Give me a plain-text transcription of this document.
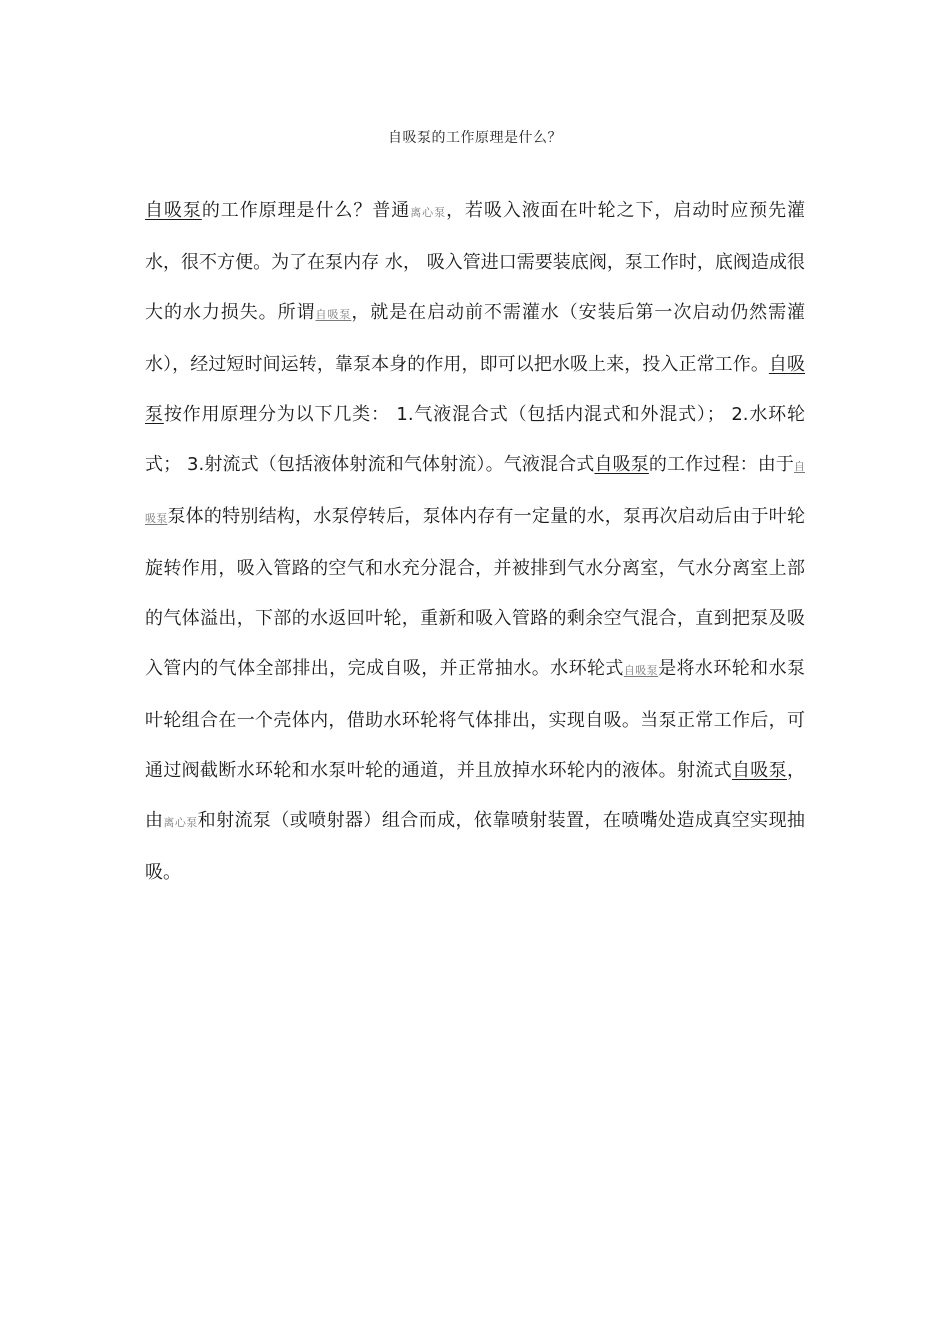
自吸泵的工作原理是什么？
自吸泵的工作原理是什么？普通离心泵，若吸入液面在叶轮之下，启动时应预先灌水，很不方便。为了在泵内存 水， 吸入管进口需要装底阀，泵工作时，底阀造成很大的水力损失。所谓自吸泵，就是在启动前不需灌水（安装后第一次启动仍然需灌水），经过短时间运转，靠泵本身的作用，即可以把水吸上来，投入正常工作。自吸泵按作用原理分为以下几类： 1.气液混合式（包括内混式和外混式）； 2.水环轮式； 3.射流式（包括液体射流和气体射流）。气液混合式自吸泵的工作过程：由于自吸泵泵体的特别结构，水泵停转后，泵体内存有一定量的水，泵再次启动后由于叶轮旋转作用，吸入管路的空气和水充分混合，并被排到气水分离室，气水分离室上部的气体溢出，下部的水返回叶轮，重新和吸入管路的剩余空气混合，直到把泵及吸入管内的气体全部排出，完成自吸，并正常抽水。水环轮式自吸泵是将水环轮和水泵叶轮组合在一个壳体内，借助水环轮将气体排出，实现自吸。当泵正常工作后，可通过阀截断水环轮和水泵叶轮的通道，并且放掉水环轮内的液体。射流式自吸泵，由离心泵和射流泵（或喷射器）组合而成，依靠喷射装置，在喷嘴处造成真空实现抽吸。
